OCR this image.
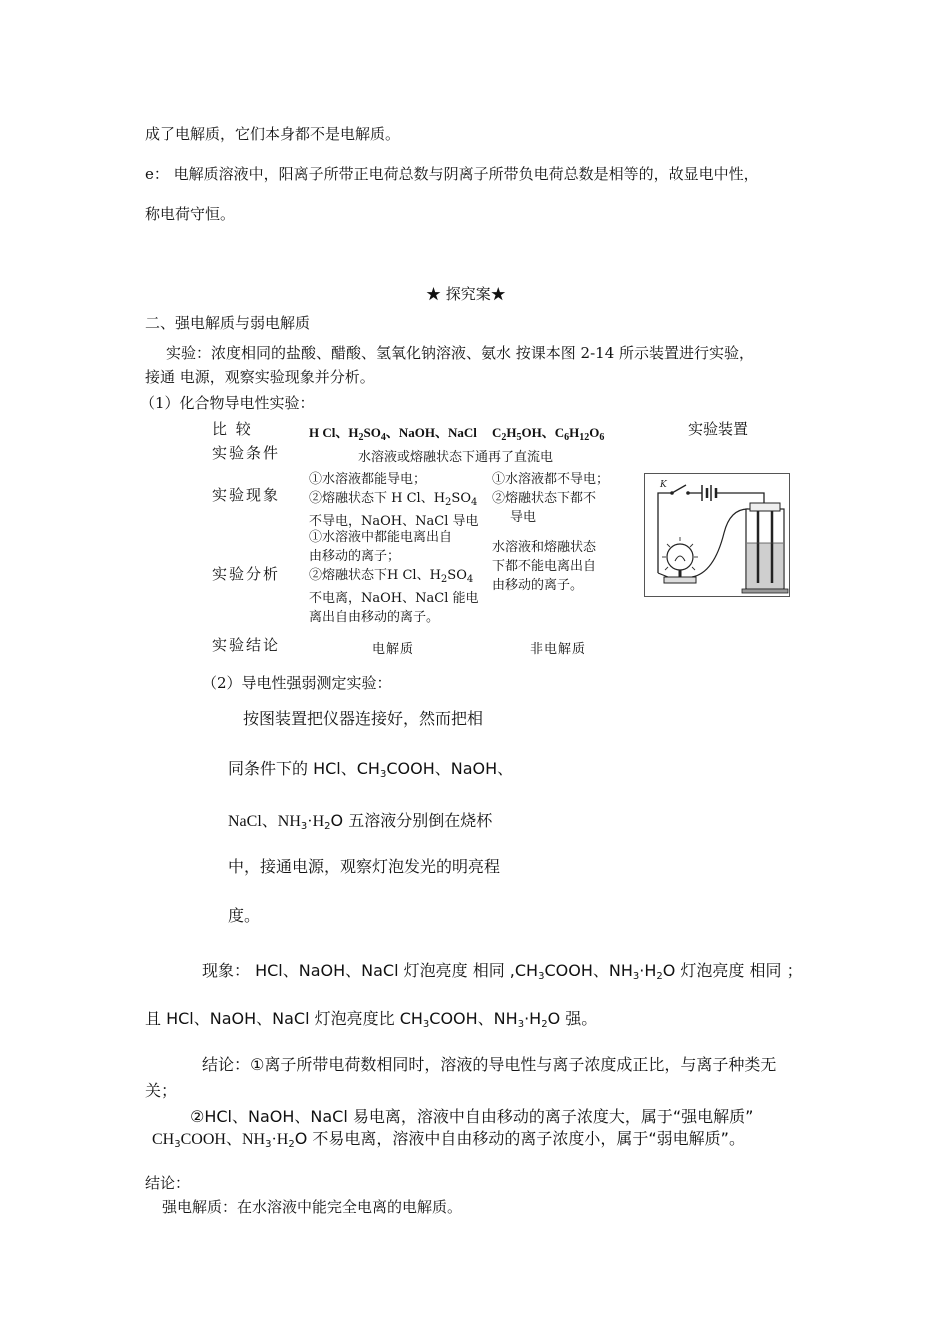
成了电解质，它们本身都不是电解质。
e： 电解质溶液中，阳离子所带正电荷总数与阴离子所带负电荷总数是相等的，故显电中性，
称电荷守恒。
★ 探究案★
二、强电解质与弱电解质
实验：浓度相同的盐酸、醋酸、氢氧化钠溶液、氨水 按课本图 2-14 所示装置进行实验，
接通 电源，观察实验现象并分析。
（1）化合物导电性实验：
比 较
实验条件
实验现象
实验分析
实验结论
H Cl、$H_2SO_4$、NaOH、NaCl $C_2H_5OH$、$C_6H_{12}O_6$	实验装置
水溶液或熔融状态下通再了直流电
①水溶液都能导电；
②熔融状态下 H Cl、$H_2SO_4$
不导电，NaOH、NaCl 导电
①水溶液都不导电；
②熔融状态下都不
导电
①水溶液中都能电离出自
由移动的离子；
②熔融状态下H Cl、$H_2SO_4$
不电离，NaOH、NaCl 能电
离出自由移动的离子。
水溶液和熔融状态
下都不能电离出自
由移动的离子。
电解质	非电解质
K
（2）导电性强弱测定实验：
按图装置把仪器连接好，然而把相
同条件下的 HCl、$CH_3COOH$、NaOH、
NaCl、$NH_3\cdot H_2O$ 五溶液分别倒在烧杯
中，接通电源，观察灯泡发光的明亮程
度。
现象： HCl、NaOH、NaCl 灯泡亮度 相同 $,CH_3COOH$、$NH_3\cdot H_2O$ 灯泡亮度 相同 ；
且 HCl、NaOH、NaCl 灯泡亮度比 $CH_3COOH$、$NH_3\cdot H_2O$ 强。
结论：①离子所带电荷数相同时，溶液的导电性与离子浓度成正比，与离子种类无
关；
②HCl、NaOH、NaCl 易电离，溶液中自由移动的离子浓度大，属于“强电解质”
$CH_3COOH$、$NH_3\cdot H_2O$ 不易电离，溶液中自由移动的离子浓度小，属于“弱电解质”。
结论：
强电解质：在水溶液中能完全电离的电解质。
